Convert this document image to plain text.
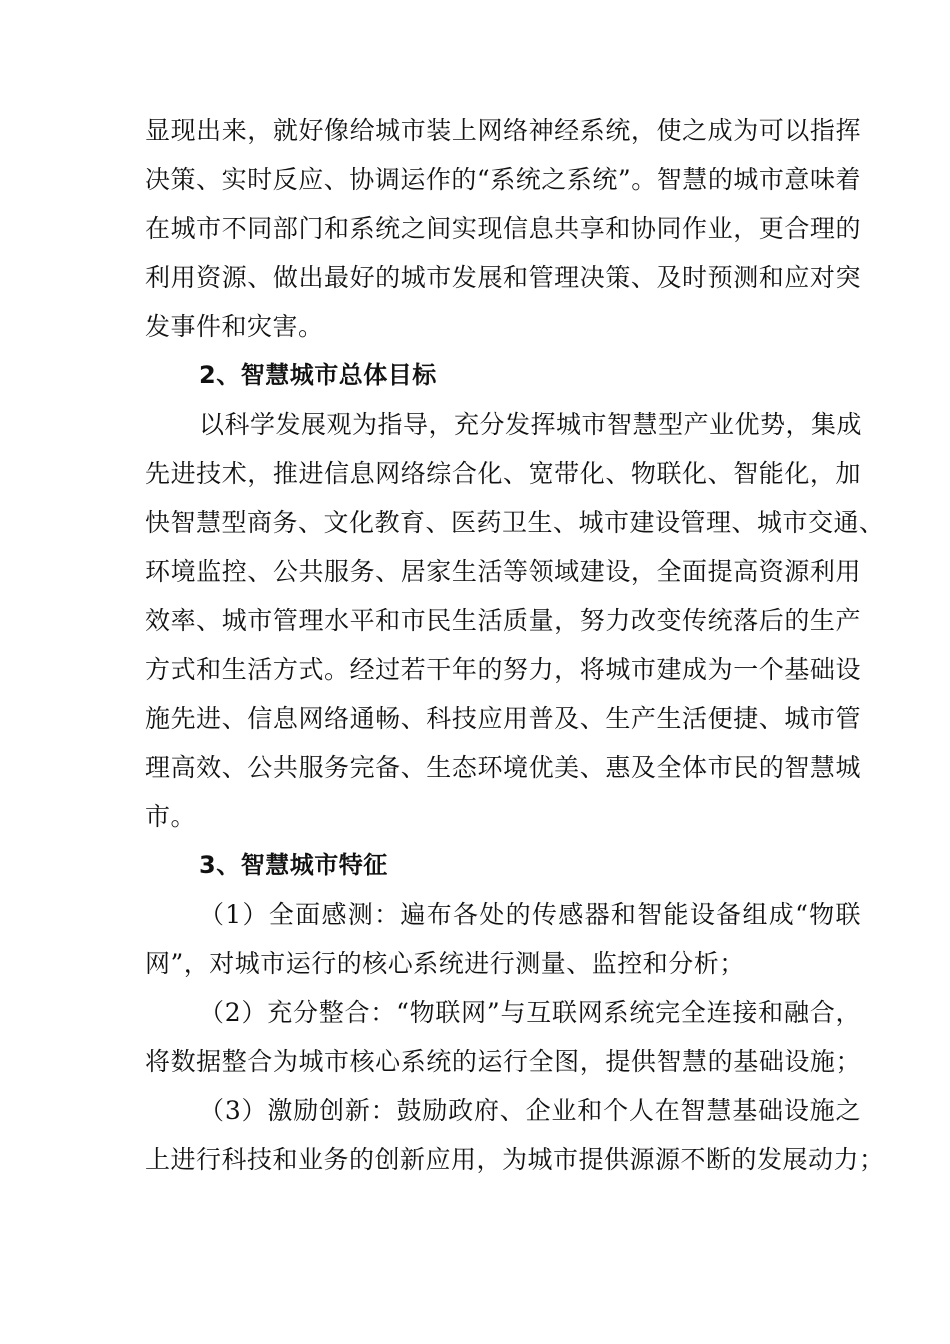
显现出来，就好像给城市装上网络神经系统，使之成为可以指挥
决策、实时反应、协调运作的“系统之系统”。智慧的城市意味着
在城市不同部门和系统之间实现信息共享和协同作业，更合理的
利用资源、做出最好的城市发展和管理决策、及时预测和应对突
发事件和灾害。

2、智慧城市总体目标

以科学发展观为指导，充分发挥城市智慧型产业优势，集成
先进技术，推进信息网络综合化、宽带化、物联化、智能化，加
快智慧型商务、文化教育、医药卫生、城市建设管理、城市交通、
环境监控、公共服务、居家生活等领域建设，全面提高资源利用
效率、城市管理水平和市民生活质量，努力改变传统落后的生产
方式和生活方式。经过若干年的努力，将城市建成为一个基础设
施先进、信息网络通畅、科技应用普及、生产生活便捷、城市管
理高效、公共服务完备、生态环境优美、惠及全体市民的智慧城
市。

3、智慧城市特征

（1）全面感测：遍布各处的传感器和智能设备组成“物联
网”，对城市运行的核心系统进行测量、监控和分析；

（2）充分整合：“物联网”与互联网系统完全连接和融合，
将数据整合为城市核心系统的运行全图，提供智慧的基础设施；

（3）激励创新：鼓励政府、企业和个人在智慧基础设施之
上进行科技和业务的创新应用，为城市提供源源不断的发展动力；
